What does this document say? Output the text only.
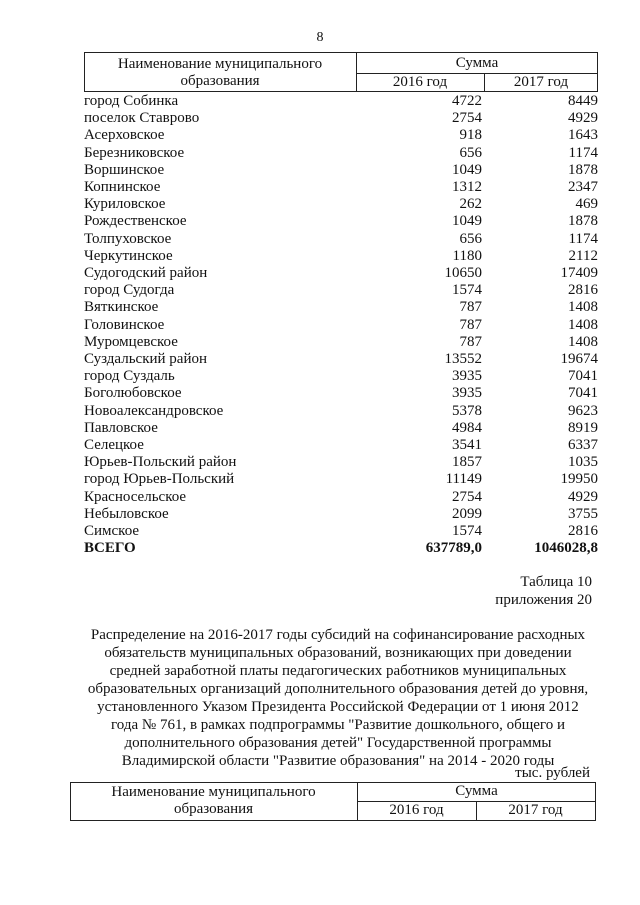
8
Наименование муниципального
образования
Сумма
2016 год	2017 год
город Собинка	4722	8449
поселок Ставрово	2754	4929
Асерховское	918	1643
Березниковское	656	1174
Воршинское	1049	1878
Копнинское	1312	2347
Куриловское	262	469
Рождественское	1049	1878
Толпуховское	656	1174
Черкутинское	1180	2112
Судогодский район	10650	17409
город Судогда	1574	2816
Вяткинское	787	1408
Головинское	787	1408
Муромцевское	787	1408
Суздальский район	13552	19674
город Суздаль	3935	7041
Боголюбовское	3935	7041
Новоалександровское	5378	9623
Павловское	4984	8919
Селецкое	3541	6337
Юрьев-Польский район	1857	1035
город Юрьев-Польский	11149	19950
Красносельское	2754	4929
Небыловское	2099	3755
Симское	1574	2816
ВСЕГО	637789,0	1046028,8
Таблица 10
приложения 20
Распределение на 2016-2017 годы субсидий на софинансирование расходных
обязательств муниципальных образований, возникающих при доведении
средней заработной платы педагогических работников муниципальных
образовательных организаций дополнительного образования детей до уровня,
установленного Указом Президента Российской Федерации от 1 июня 2012
года № 761, в рамках подпрограммы "Развитие дошкольного, общего и
дополнительного образования детей" Государственной программы
Владимирской области "Развитие образования" на 2014 - 2020 годы
тыс. рублей
Наименование муниципального
образования
Сумма
2016 год	2017 год
